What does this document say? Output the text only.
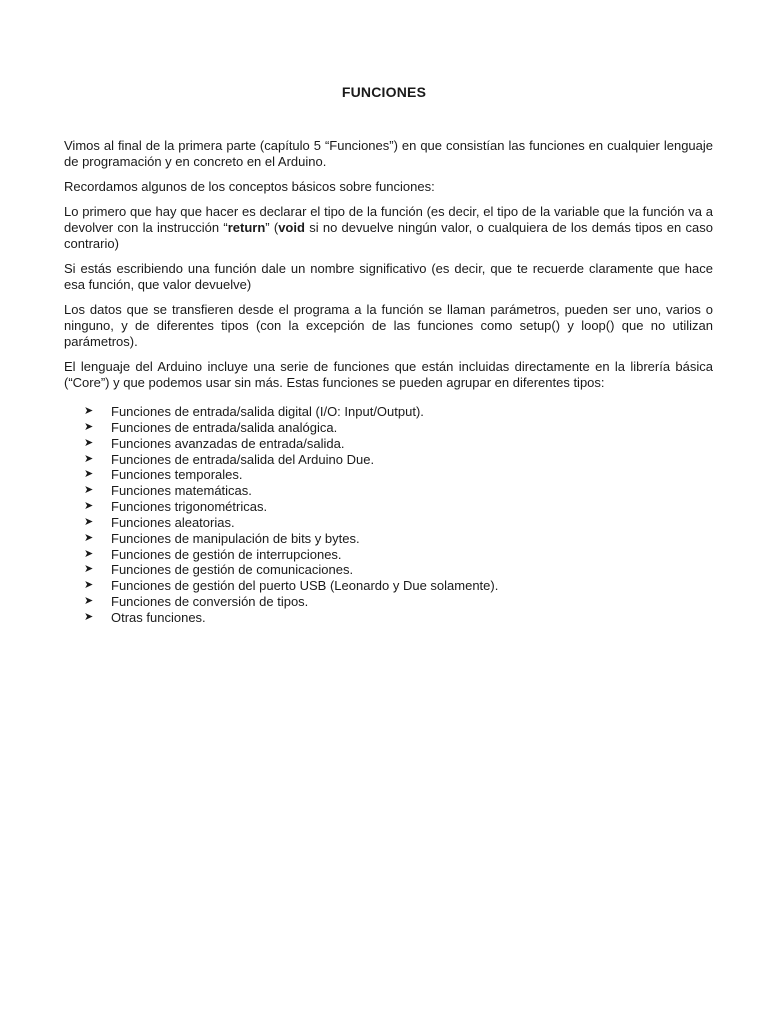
FUNCIONES

Vimos al final de la primera parte (capítulo 5 “Funciones”) en que consistían las funciones en cualquier lenguaje de programación y en concreto en el Arduino.

Recordamos algunos de los conceptos básicos sobre funciones:

Lo primero que hay que hacer es declarar el tipo de la función (es decir, el tipo de la variable que la función va a devolver con la instrucción “return” (void si no devuelve ningún valor, o cualquiera de los demás tipos en caso contrario)

Si estás escribiendo una función dale un nombre significativo (es decir, que te recuerde claramente que hace esa función, que valor devuelve)

Los datos que se transfieren desde el programa a la función se llaman parámetros, pueden ser uno, varios o ninguno, y de diferentes tipos (con la excepción de las funciones como setup() y loop() que no utilizan parámetros).

El lenguaje del Arduino incluye una serie de funciones que están incluidas directamente en la librería básica (“Core”) y que podemos usar sin más. Estas funciones se pueden agrupar en diferentes tipos:

➤	Funciones de entrada/salida digital (I/O: Input/Output).
➤	Funciones de entrada/salida analógica.
➤	Funciones avanzadas de entrada/salida.
➤	Funciones de entrada/salida del Arduino Due.
➤	Funciones temporales.
➤	Funciones matemáticas.
➤	Funciones trigonométricas.
➤	Funciones aleatorias.
➤	Funciones de manipulación de bits y bytes.
➤	Funciones de gestión de interrupciones.
➤	Funciones de gestión de comunicaciones.
➤	Funciones de gestión del puerto USB (Leonardo y Due solamente).
➤	Funciones de conversión de tipos.
➤	Otras funciones.
